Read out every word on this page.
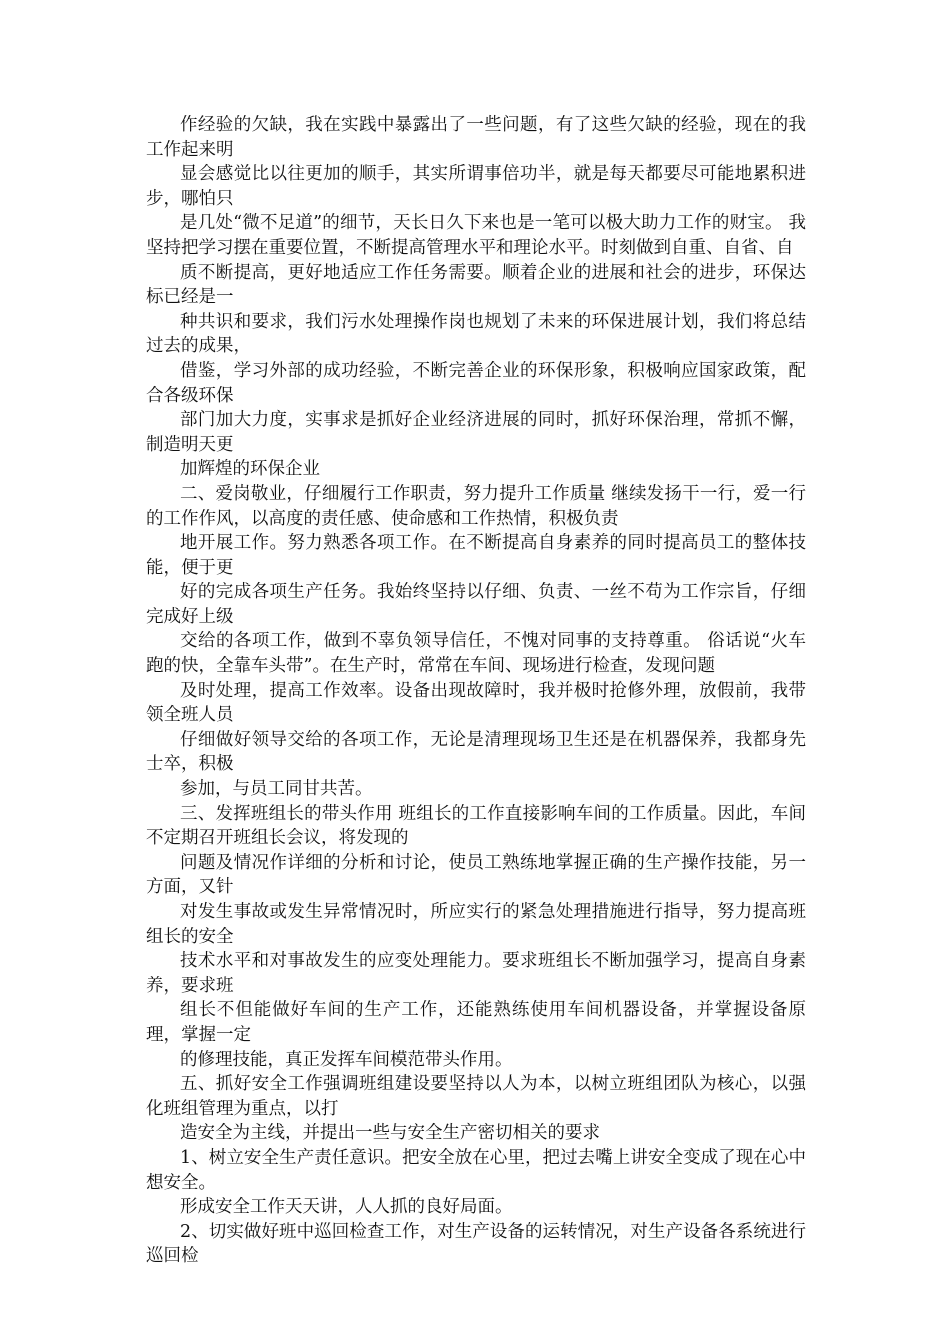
作经验的欠缺，我在实践中暴露出了一些问题，有了这些欠缺的经验，现在的我工作起来明

显会感觉比以往更加的顺手，其实所谓事倍功半，就是每天都要尽可能地累积进步，哪怕只

是几处“微不足道”的细节，天长日久下来也是一笔可以极大助力工作的财宝。 我坚持把学习摆在重要位置，不断提高管理水平和理论水平。时刻做到自重、自省、自

质不断提高，更好地适应工作任务需要。顺着企业的进展和社会的进步，环保达标已经是一

种共识和要求，我们污水处理操作岗也规划了未来的环保进展计划，我们将总结过去的成果，

借鉴，学习外部的成功经验，不断完善企业的环保形象，积极响应国家政策，配合各级环保

部门加大力度，实事求是抓好企业经济进展的同时，抓好环保治理，常抓不懈，制造明天更

加辉煌的环保企业

二、爱岗敬业，仔细履行工作职责，努力提升工作质量 继续发扬干一行，爱一行的工作作风，以高度的责任感、使命感和工作热情，积极负责

地开展工作。努力熟悉各项工作。在不断提高自身素养的同时提高员工的整体技能，便于更

好的完成各项生产任务。我始终坚持以仔细、负责、一丝不苟为工作宗旨，仔细完成好上级

交给的各项工作，做到不辜负领导信任，不愧对同事的支持尊重。 俗话说“火车跑的快，全靠车头带”。在生产时，常常在车间、现场进行检查，发现问题

及时处理，提高工作效率。设备出现故障时，我并极时抢修外理，放假前，我带领全班人员

仔细做好领导交给的各项工作，无论是清理现场卫生还是在机器保养，我都身先士卒，积极

参加，与员工同甘共苦。

三、发挥班组长的带头作用 班组长的工作直接影响车间的工作质量。因此，车间不定期召开班组长会议，将发现的

问题及情况作详细的分析和讨论，使员工熟练地掌握正确的生产操作技能，另一方面，又针

对发生事故或发生异常情况时，所应实行的紧急处理措施进行指导，努力提高班组长的安全

技术水平和对事故发生的应变处理能力。要求班组长不断加强学习，提高自身素养，要求班

组长不但能做好车间的生产工作，还能熟练使用车间机器设备，并掌握设备原理，掌握一定

的修理技能，真正发挥车间模范带头作用。

五、抓好安全工作强调班组建设要坚持以人为本，以树立班组团队为核心，以强化班组管理为重点，以打

造安全为主线，并提出一些与安全生产密切相关的要求

1、树立安全生产责任意识。把安全放在心里，把过去嘴上讲安全变成了现在心中想安全。

形成安全工作天天讲，人人抓的良好局面。

2、切实做好班中巡回检查工作，对生产设备的运转情况，对生产设备各系统进行巡回检
